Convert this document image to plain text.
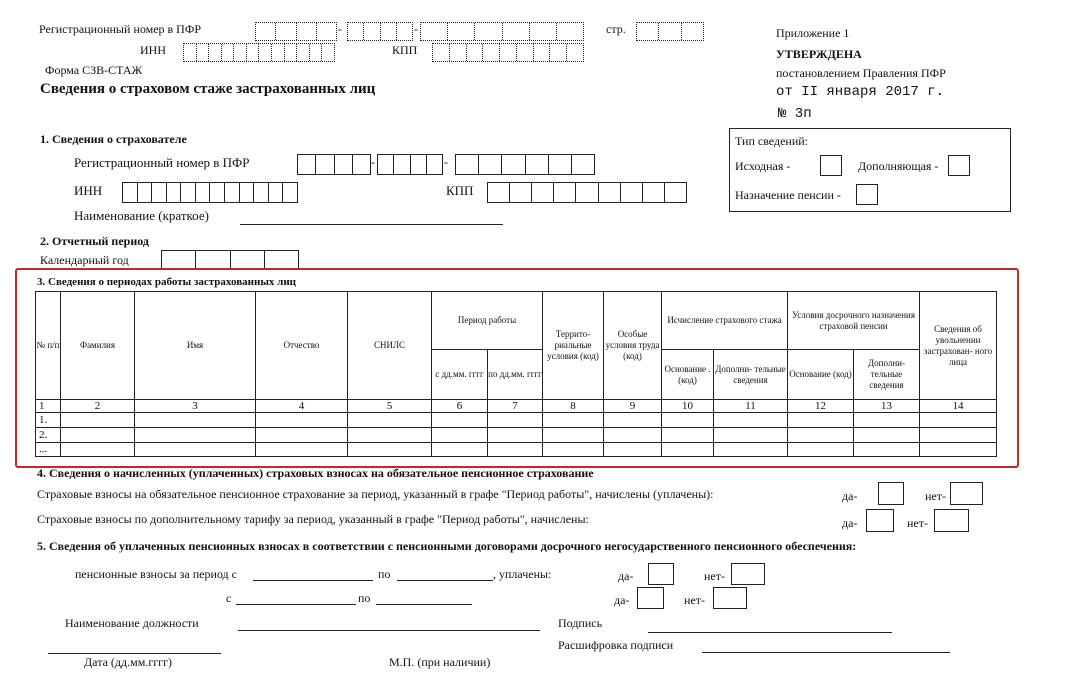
Регистрационный номер в ПФР	-	-	стр.
ИНН	КПП
Форма СЗВ-СТАЖ
Сведения о страховом стаже застрахованных лиц
Приложение 1
УТВЕРЖДЕНА
постановлением Правления ПФР
от II января 2017 г.
№ 3п
1. Сведения о страхователе
Регистрационный номер в ПФР	-	-
ИНН	КПП
Наименование (краткое)
Тип сведений:
Исходная -	Дополняющая -
Назначение пенсии -
2. Отчетный период
Календарный год
3. Сведения о периодах работы застрахованных лиц
№ п/п	Фамилия	Имя	Отчество	СНИЛС	Период работы		Террито- риальные условия (код)	Особые условия труда (код)	Исчисление страхового стажа		Условия досрочного назначения страховой пенсии		Сведения об увольнении застрахован- ного лица
					с дд.мм. гггг	по дд.мм. гггг			Основание . (код)	Дополни- тельные сведения	Основание (код)	Дополни- тельные сведения	
1	2	3	4	5	6	7	8	9	10	11	12	13	14
1.													
2.													
...													
4. Сведения о начисленных (уплаченных) страховых взносах на обязательное пенсионное страхование
Страховые взносы на обязательное пенсионное страхование за период, указанный в графе "Период работы", начислены (уплачены):	да-	нет-
Страховые взносы по дополнительному тарифу за период, указанный в графе "Период работы", начислены:	да-	нет-
5. Сведения об уплаченных пенсионных взносах в соответствии с пенсионными договорами досрочного негосударственного пенсионного обеспечения:
пенсионные взносы за период с	по	, уплачены:	да-	нет-
с	по	да-	нет-
Наименование должности	Подпись
Расшифровка подписи
Дата (дд.мм.гггг)	М.П. (при наличии)
